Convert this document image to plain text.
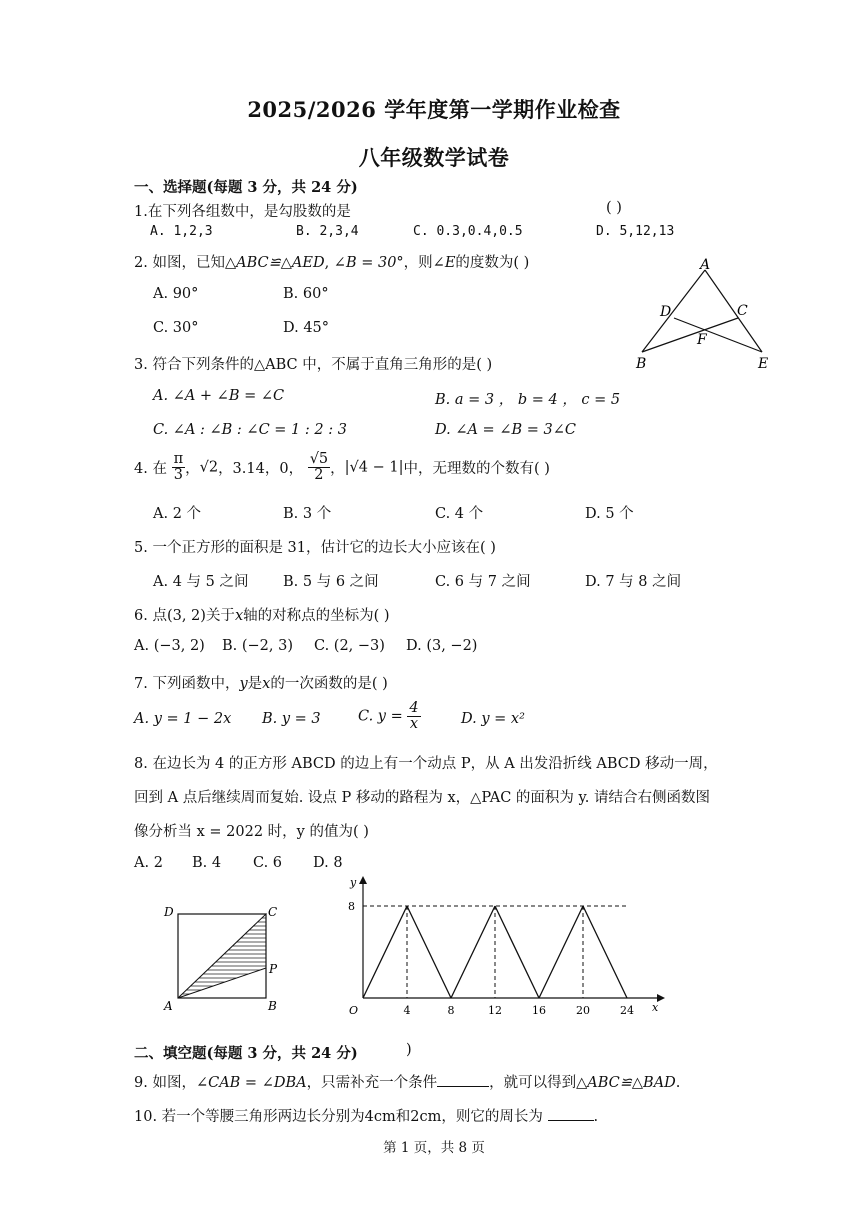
2025/2026 学年度第一学期作业检查
八年级数学试卷
一、选择题(每题 3 分，共 24 分)
1.在下列各组数中，是勾股数的是	( )
A. 1,2,3	B. 2,3,4	C. 0.3,0.4,0.5	D. 5,12,13
2. 如图，已知△ABC≌△AED, ∠B = 30°，则∠E的度数为( )
A. 90°	B. 60°
C. 30°	D. 45°
A
D	C
F
B	E
3. 符合下列条件的△ABC 中，不属于直角三角形的是( )
A. ∠A + ∠B = ∠C	B. a = 3 ， b = 4 ， c = 5
C. ∠A : ∠B : ∠C = 1 : 2 : 3	D. ∠A = ∠B = 3∠C
4. 在 $\frac{\pi}{3}$ ，√2，3.14，0， $\frac{√5}{2}$ ，|√4 − 1|中，无理数的个数有( )
A. 2 个	B. 3 个	C. 4 个	D. 5 个
5. 一个正方形的面积是 31，估计它的边长大小应该在( )
A. 4 与 5 之间 B. 5 与 6 之间	C. 6 与 7 之间	D. 7 与 8 之间
6. 点(3, 2)关于x轴的对称点的坐标为( )
A. (−3, 2) B. (−2, 3) C. (2, −3) D. (3, −2)
7. 下列函数中，y是x的一次函数的是( )
A. y = 1 − 2x B. y = 3	C. $y = \frac{4}{x}$	D. y = x²
8. 在边长为 4 的正方形 ABCD 的边上有一个动点 P，从 A 出发沿折线 ABCD 移动一周，
回到 A 点后继续周而复始. 设点 P 移动的路程为 x，△PAC 的面积为 y. 请结合右侧函数图
像分析当 x = 2022 时，y 的值为( )
A. 2 B. 4 C. 6 D. 8
D	C
P
A	B	x
y
O	4	8	12	16	20	24
8
二、填空题(每题 3 分，共 24 分)	)
9. 如图，∠CAB = ∠DBA，只需补充一个条件	，就可以得到△ABC≌△BAD.
10. 若一个等腰三角形两边长分别为4cm和2cm，则它的周长为	.
第 1 页，共 8 页
